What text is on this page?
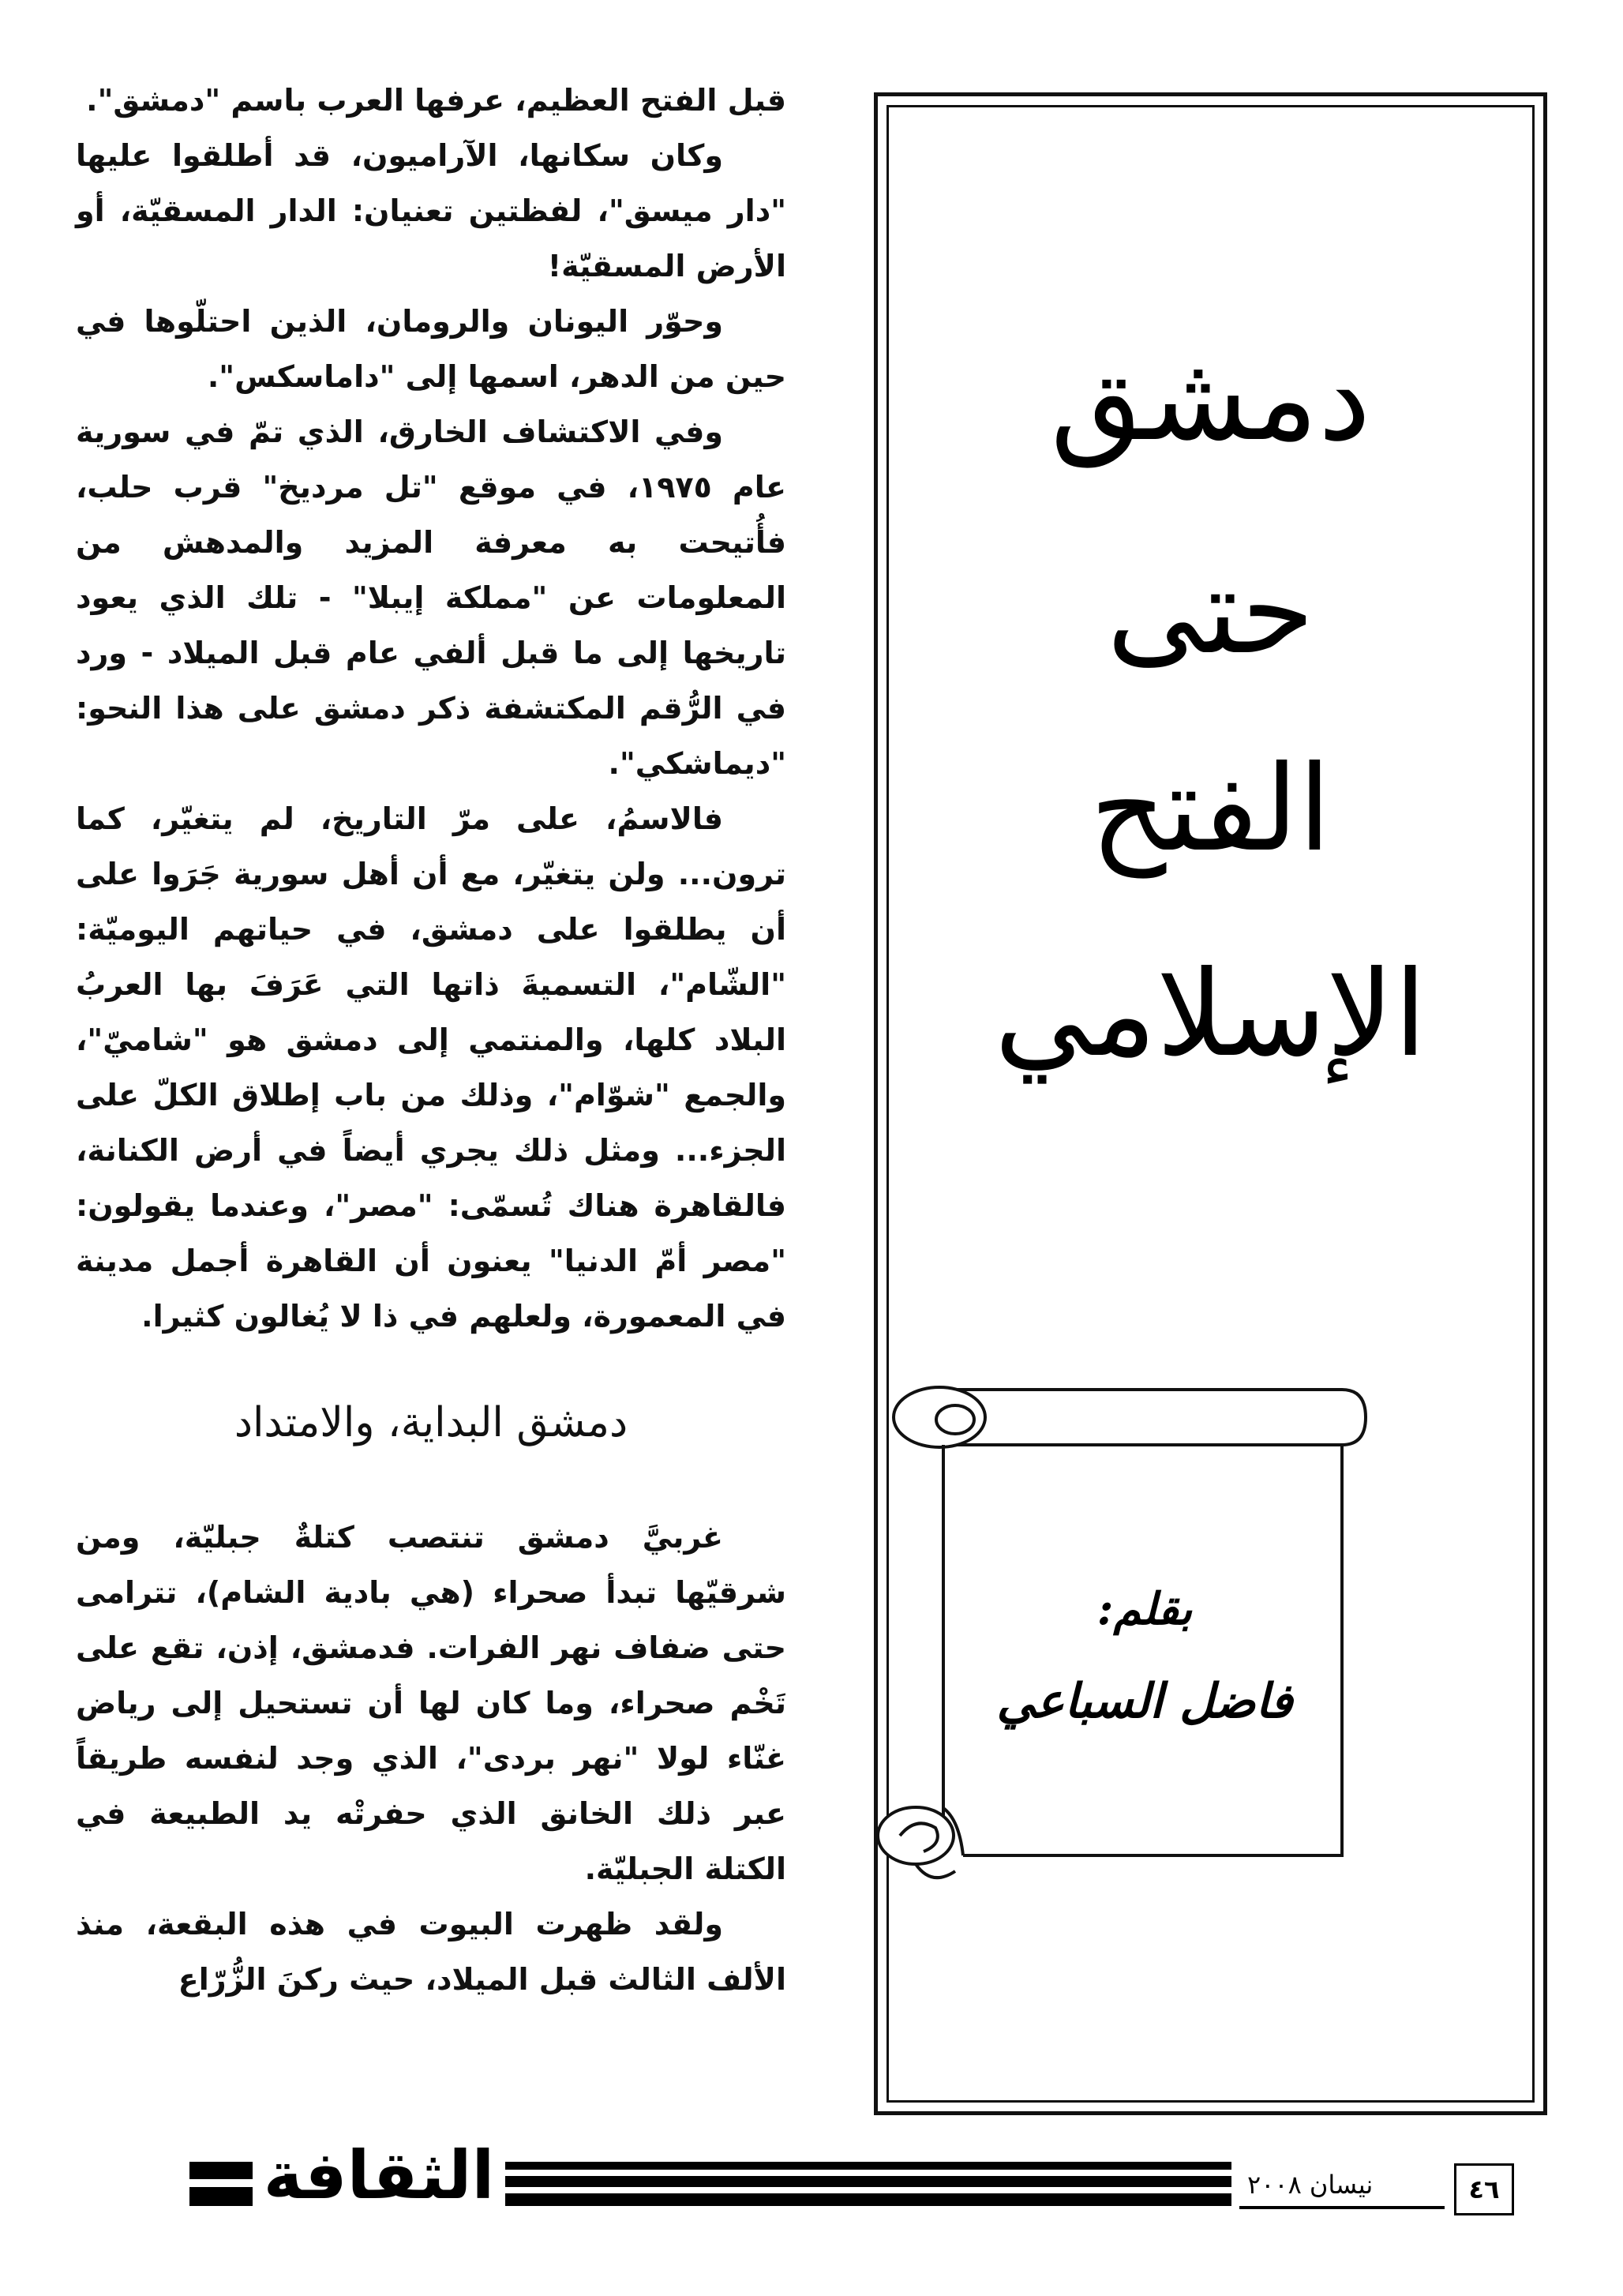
قبل الفتح العظيم، عرفها العرب باسم "دمشق".

وكان سكانها، الآراميون، قد أطلقوا عليها "دار ميسق"، لفظتين تعنيان: الدار المسقيّة، أو الأرض المسقيّة!

وحوّر اليونان والرومان، الذين احتلّوها في حين من الدهر، اسمها إلى "داماسكس".

وفي الاكتشاف الخارق، الذي تمّ في سورية عام ١٩٧٥، في موقع "تل مرديخ" قرب حلب، فأُتيحت به معرفة المزيد والمدهش من المعلومات عن "مملكة إيبلا" - تلك الذي يعود تاريخها إلى ما قبل ألفي عام قبل الميلاد - ورد في الرُّقم المكتشفة ذكر دمشق على هذا النحو: "ديماشكي".

فالاسمُ، على مرّ التاريخ، لم يتغيّر، كما ترون... ولن يتغيّر، مع أن أهل سورية جَرَوا على أن يطلقوا على دمشق، في حياتهم اليوميّة: "الشّام"، التسميةَ ذاتها التي عَرَفَ بها العربُ البلاد كلها، والمنتمي إلى دمشق هو "شاميّ"، والجمع "شوّام"، وذلك من باب إطلاق الكلّ على الجزء... ومثل ذلك يجري أيضاً في أرض الكنانة، فالقاهرة هناك تُسمّى: "مصر"، وعندما يقولون: "مصر أمّ الدنيا" يعنون أن القاهرة أجمل مدينة في المعمورة، ولعلهم في ذا لا يُغالون كثيرا.

دمشق البداية، والامتداد

غربيَّ دمشق تنتصب كتلةٌ جبليّة، ومن شرقيّها تبدأ صحراء (هي بادية الشام)، تترامى حتى ضفاف نهر الفرات. فدمشق، إذن، تقع على تَخْم صحراء، وما كان لها أن تستحيل إلى رياض غنّاء لولا "نهر بردى"، الذي وجد لنفسه طريقاً عبر ذلك الخانق الذي حفرتْه يد الطبيعة في الكتلة الجبليّة.

ولقد ظهرت البيوت في هذه البقعة، منذ الألف الثالث قبل الميلاد، حيث ركنَ الزُّرّاع

دمشق
حتى
الفتح
الإسلامي
بقلم:
فاضل السباعي
الثقافة	نيسان ٢٠٠٨	٤٦
